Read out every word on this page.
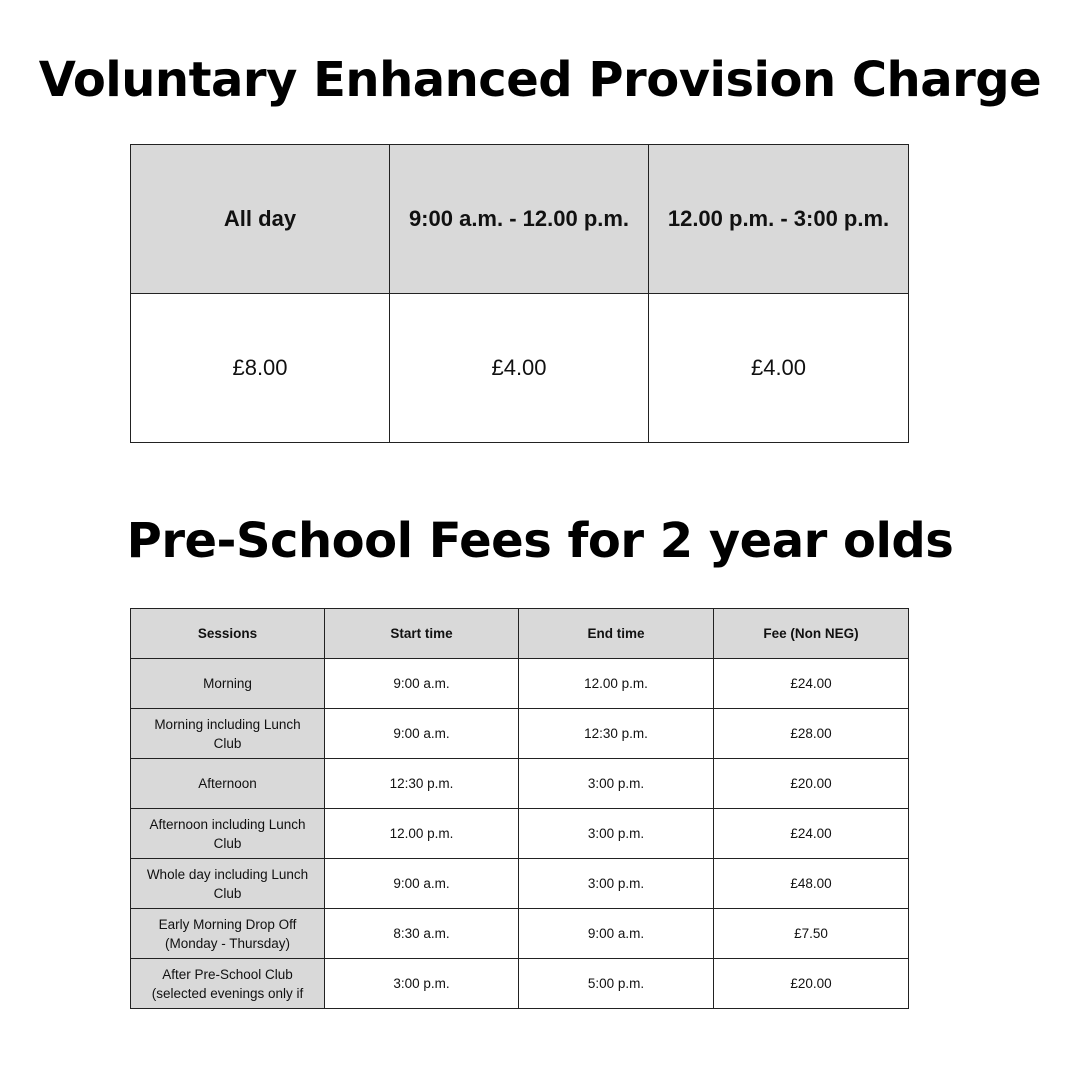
Voluntary Enhanced Provision Charge
All day	9:00 a.m. - 12.00 p.m.	12.00 p.m. - 3:00 p.m.
£8.00	£4.00	£4.00
Pre-School Fees for 2 year olds
Sessions	Start time	End time	Fee (Non NEG)
Morning	9:00 a.m.	12.00 p.m.	£24.00
Morning including Lunch Club	9:00 a.m.	12:30 p.m.	£28.00
Afternoon	12:30 p.m.	3:00 p.m.	£20.00
Afternoon including Lunch Club	12.00 p.m.	3:00 p.m.	£24.00
Whole day including Lunch Club	9:00 a.m.	3:00 p.m.	£48.00
Early Morning Drop Off (Monday - Thursday)	8:30 a.m.	9:00 a.m.	£7.50

After Pre-School Club (selected evenings only if	3:00 p.m.	5:00 p.m.	£20.00
